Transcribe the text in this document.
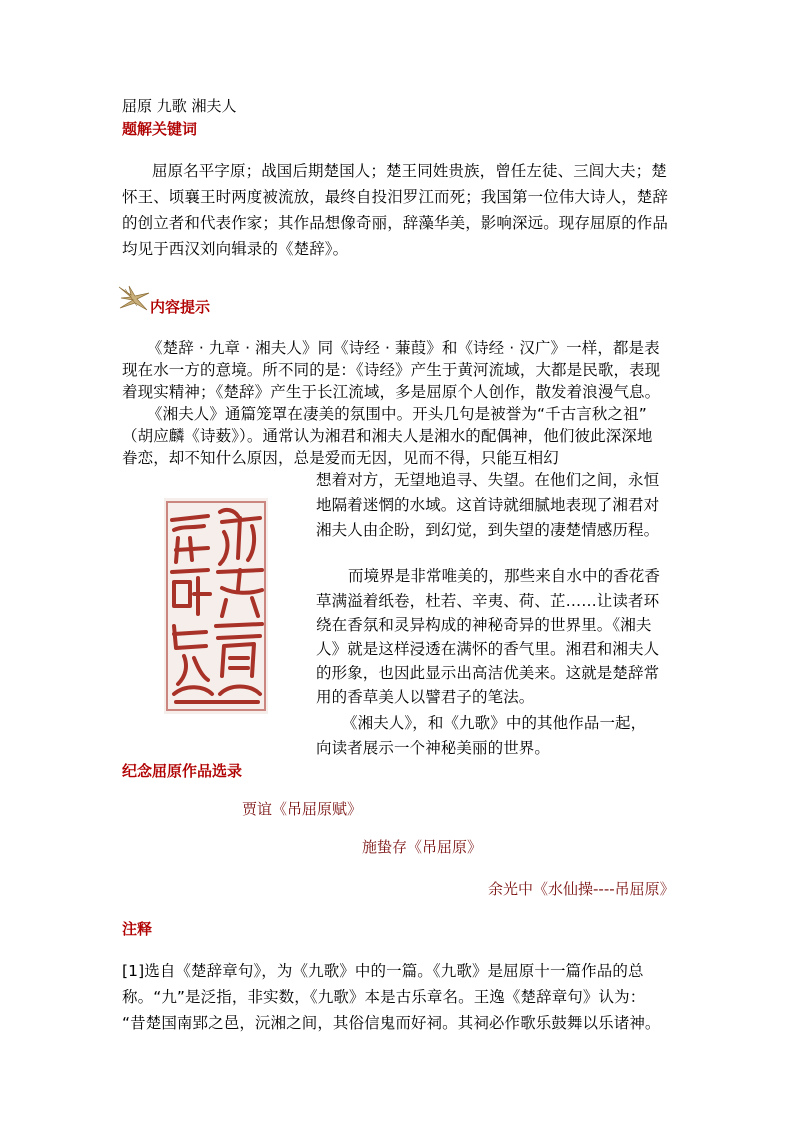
屈原 九歌 湘夫人
题解关键词
屈原名平字原；战国后期楚国人；楚王同姓贵族，曾任左徒、三闾大夫；楚
怀王、顷襄王时两度被流放，最终自投汨罗江而死；我国第一位伟大诗人，楚辞
的创立者和代表作家；其作品想像奇丽，辞藻华美，影响深远。现存屈原的作品
均见于西汉刘向辑录的《楚辞》。
内容提示
《楚辞 · 九章 · 湘夫人》同《诗经 · 蒹葭》和《诗经 · 汉广》一样，都是表
现在水一方的意境。所不同的是：《诗经》产生于黄河流域，大都是民歌，表现
着现实精神；《楚辞》产生于长江流域，多是屈原个人创作，散发着浪漫气息。
《湘夫人》通篇笼罩在凄美的氛围中。开头几句是被誉为“千古言秋之祖”
（胡应麟《诗薮》）。通常认为湘君和湘夫人是湘水的配偶神，他们彼此深深地
眷恋，却不知什么原因，总是爱而无因，见而不得，只能互相幻
想着对方，无望地追寻、失望。在他们之间，永恒
地隔着迷惘的水域。这首诗就细腻地表现了湘君对
湘夫人由企盼，到幻觉，到失望的凄楚情感历程。
而境界是非常唯美的，那些来自水中的香花香
草满溢着纸卷，杜若、辛夷、荷、芷……让读者环
绕在香氛和灵异构成的神秘奇异的世界里。《湘夫
人》就是这样浸透在满怀的香气里。湘君和湘夫人
的形象，也因此显示出高洁优美来。这就是楚辞常
用的香草美人以譬君子的笔法。
《湘夫人》，和《九歌》中的其他作品一起，
向读者展示一个神秘美丽的世界。
纪念屈原作品选录
贾谊《吊屈原赋》
施蛰存《吊屈原》
余光中《水仙操----吊屈原》
注释
[1]选自《楚辞章句》，为《九歌》中的一篇。《九歌》是屈原十一篇作品的总
称。“九”是泛指，非实数，《九歌》本是古乐章名。王逸《楚辞章句》认为：
“昔楚国南郢之邑，沅湘之间，其俗信鬼而好祠。其祠必作歌乐鼓舞以乐诸神。
